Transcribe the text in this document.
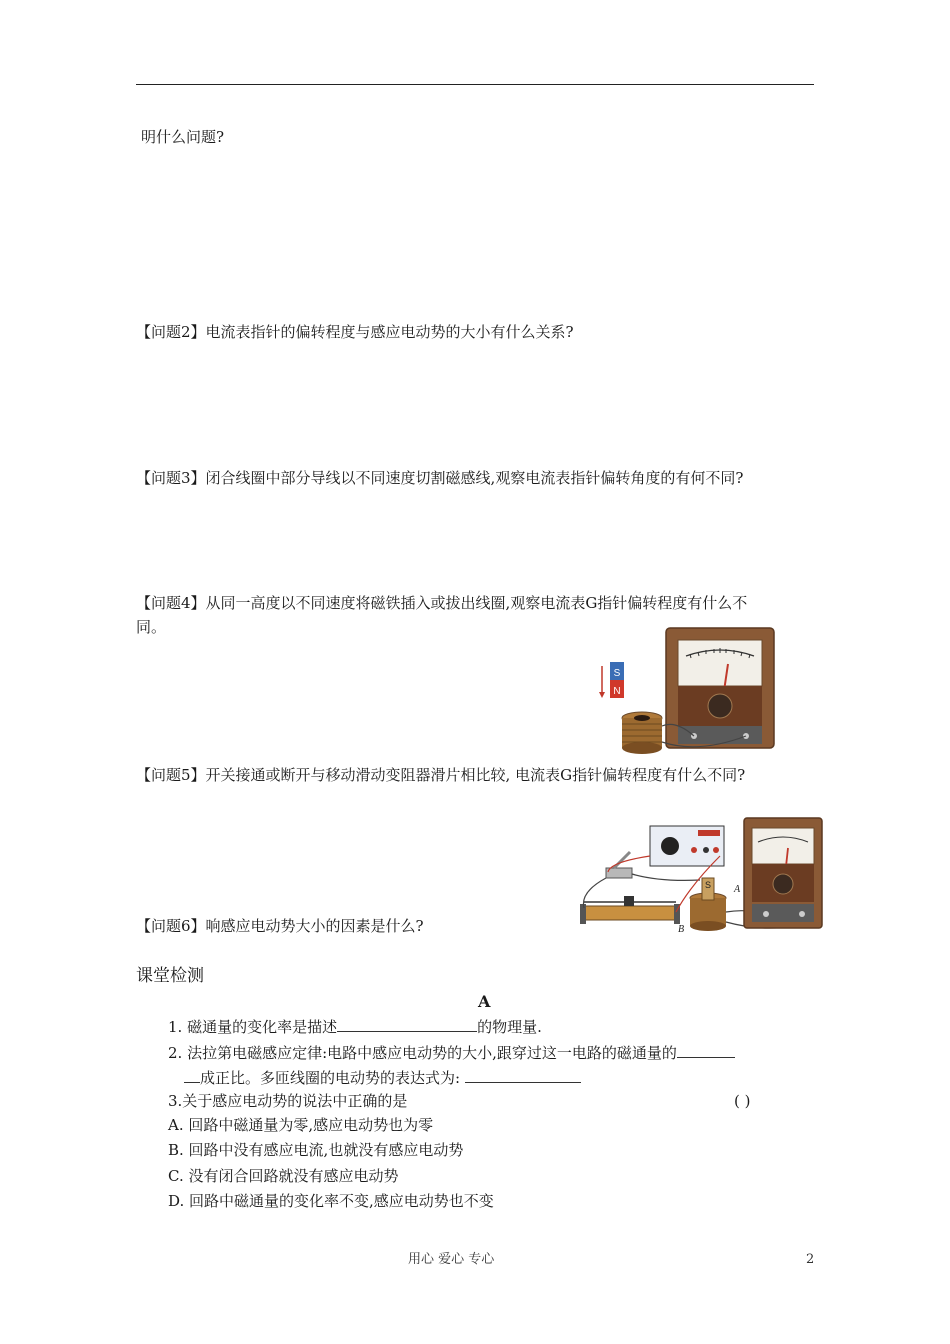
明什么问题?
【问题2】电流表指针的偏转程度与感应电动势的大小有什么关系?
【问题3】闭合线圈中部分导线以不同速度切割磁感线,观察电流表指针偏转角度的有何不同?
【问题4】从同一高度以不同速度将磁铁插入或拔出线圈,观察电流表G指针偏转程度有什么不
同。
S
N
【问题5】开关接通或断开与移动滑动变阻器滑片相比较, 电流表G指针偏转程度有什么不同?
S A
B
【问题6】响感应电动势大小的因素是什么?
课堂检测
A
1. 磁通量的变化率是描述	的物理量.
2. 法拉第电磁感应定律:电路中感应电动势的大小,跟穿过这一电路的磁通量的
成正比。多匝线圈的电动势的表达式为:
3.关于感应电动势的说法中正确的是	( )
A. 回路中磁通量为零,感应电动势也为零
B. 回路中没有感应电流,也就没有感应电动势
C. 没有闭合回路就没有感应电动势
D. 回路中磁通量的变化率不变,感应电动势也不变
用心 爱心 专心	2
